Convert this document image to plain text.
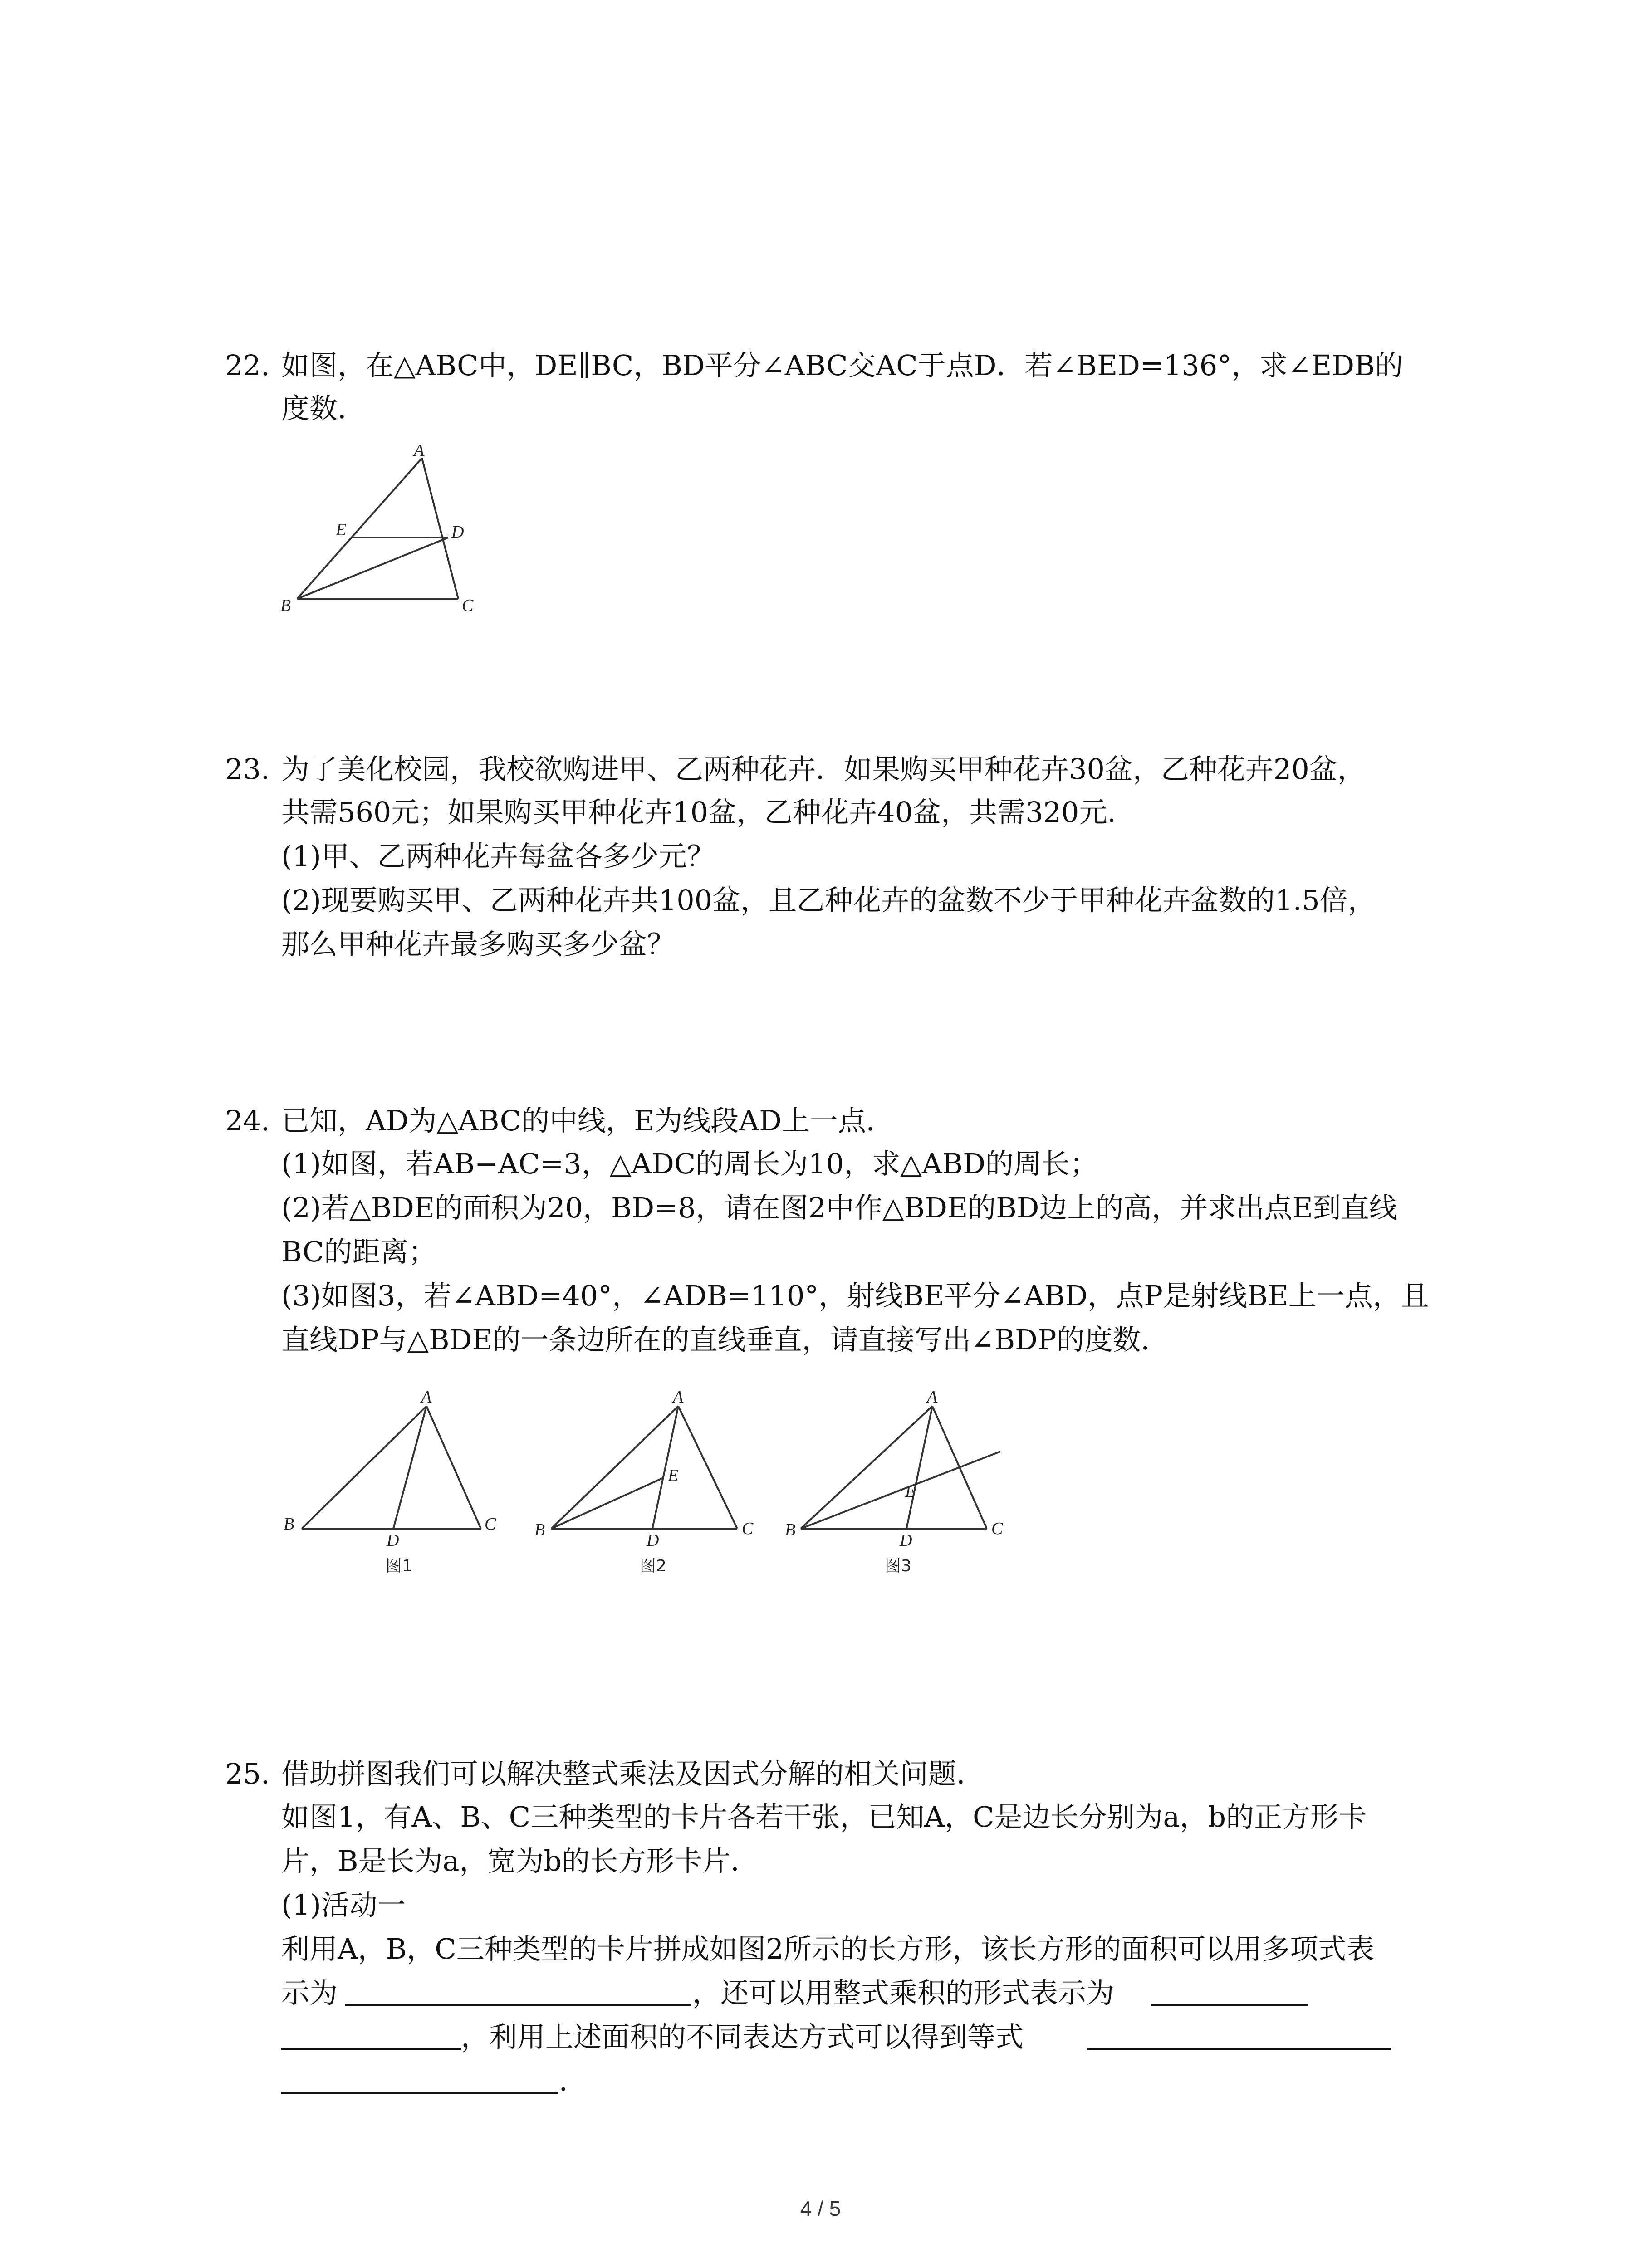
22. 如图，在△ABC中，DE∥BC，BD平分∠ABC交AC于点D．若∠BED=136°，求∠EDB的
度数．
A
E	D
B	C
23. 为了美化校园，我校欲购进甲、乙两种花卉．如果购买甲种花卉30盆，乙种花卉20盆，
共需560元；如果购买甲种花卉10盆，乙种花卉40盆，共需320元．
(1)甲、乙两种花卉每盆各多少元？
(2)现要购买甲、乙两种花卉共100盆，且乙种花卉的盆数不少于甲种花卉盆数的1.5倍，
那么甲种花卉最多购买多少盆？
24. 已知，AD为△ABC的中线，E为线段AD上一点．
(1)如图，若AB−AC=3，△ADC的周长为10，求△ABD的周长；
(2)若△BDE的面积为20，BD=8，请在图2中作△BDE的BD边上的高，并求出点E到直线
BC的距离；
(3)如图3，若∠ABD=40°，∠ADB=110°，射线BE平分∠ABD，点P是射线BE上一点，且
直线DP与△BDE的一条边所在的直线垂直，请直接写出∠BDP的度数．
A
B
D
C
图1
A
E
B
D
C
图2
A
E
B
D
C
图3
25. 借助拼图我们可以解决整式乘法及因式分解的相关问题．
如图1，有A、B、C三种类型的卡片各若干张，已知A，C是边长分别为a，b的正方形卡
片，B是长为a，宽为b的长方形卡片．
(1)活动一
利用A，B，C三种类型的卡片拼成如图2所示的长方形，该长方形的面积可以用多项式表
示为	，还可以用整式乘积的形式表示为
，利用上述面积的不同表达方式可以得到等式
．
4 / 5
